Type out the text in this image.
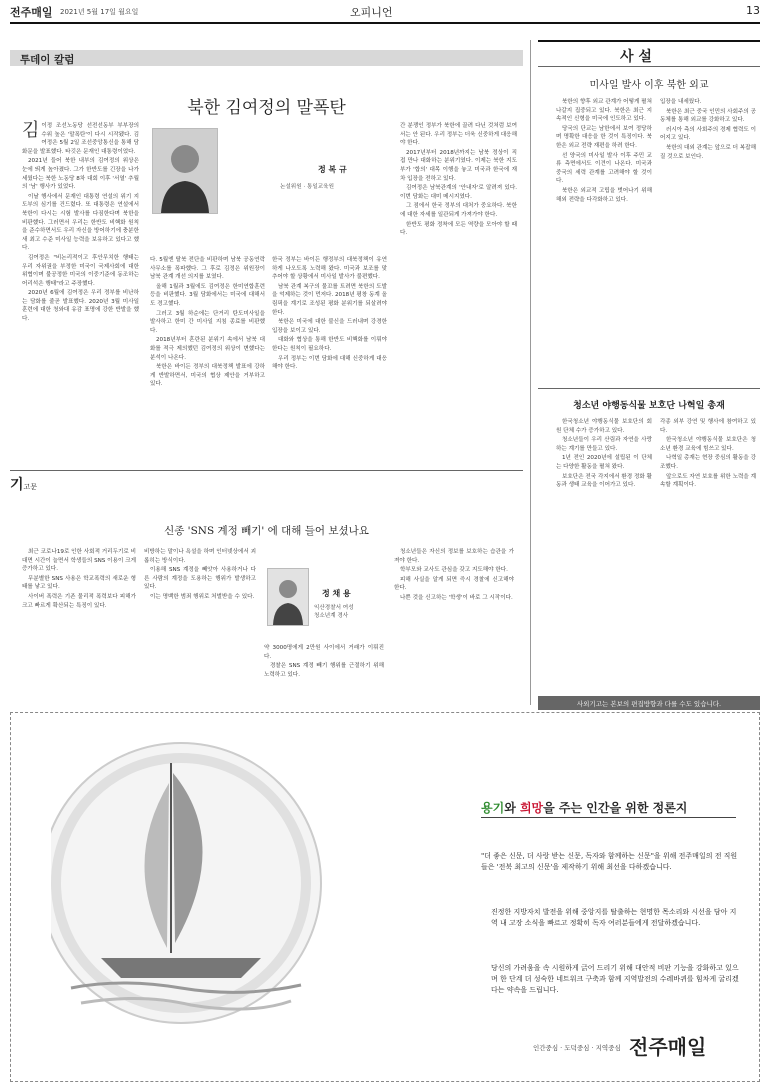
전주매일 2021년 5월 17일 월요일	오피니언	13
투데이 칼럼
북한 김여정의 말폭탄
김 이정 조선노동당 선전선동부 부부장의 수위 높은 '말폭탄'이 다시 시작됐다. 김여정은 5월 2일 조선중앙통신을 통해 담화문을 발표했다. 타깃은 문재인 대통령이었다.

2021년 들어 북한 내부의 김여정의 위상은 눈에 띄게 높아졌다. 그가 한반도를 긴장을 나가 세웠다는 북한 노동당 8차 대회 이후 '서열' 추월의 '남' 행사가 있었다.

이날 행사에서 문재인 대통령 연설의 위기 지도부의 심기를 건드렸다. 또 대통령은 연설에서 북한이 다시는 시험 발사를 다짐한다며 북한을 비판했다. 그러면서 우리는 한반도 비핵화 원칙을 준수하면서도 우리 자신을 방어하기에 충분한 새 최고 수준 미사일 능력을 보유하고 있다고 했다.

김여정은 "비논리적이고 후안무치한 행태는 우리 자위권을 부정한 미국이 국제사회에 대한 위협이며 불공정한 미국의 이중기준에 동조하는 어리석은 행태"라고 주장했다.

2020년 6월에 김여정은 우리 정부를 비난하는 담화를 줄곧 발표했다. 2020년 3월 미사일 훈련에 대한 청와대 유감 표명에 강한 반발을 했다.

정 복 규
논설위원 · 통일교육원

다. 5월엔 탈북 전단을 비판하며 남북 공동연락사무소를 폭파했다. 그 후로 김정은 위원장이 남북 관계 개선 의지를 보였다.

올해 1월과 3월에도 김여정은 한미연합훈련 등을 비판했다. 3월 담화에서는 미국에 대해서도 경고했다.

그러고 3월 하순에는 단거리 탄도미사일을 발사하고 한미 간 미사일 지침 종료를 비판했다.

2018년부터 혼란된 분위기 속에서 남북 대화를 적극 제의했던 김여정의 위상이 변했다는 분석이 나온다.

북한은 바이든 정부의 대북정책 발표에 강하게 반발하면서, 미국의 협상 제안을 거부하고 있다.

한국 정부는 바이든 행정부의 대북정책이 유연하게 나오도록 노력해 왔다. 미국과 보조를 맞추어야 할 상황에서 미사일 발사가 불편했다.

남북 관계 복구의 물꼬를 트려면 북한의 도발을 억제하는 것이 먼저다. 2018년 평창 동계 올림픽을 계기로 조성된 평화 분위기를 되살려야 한다.

북한은 미국에 대한 불신을 드러내며 강경한 입장을 보이고 있다.

대화와 협상을 통해 한반도 비핵화를 이뤄야 한다는 원칙이 필요하다.

우리 정부는 이번 담화에 대해 신중하게 대응해야 한다.

간 분쟁인 정부가 북한에 끌려 다닌 것처럼 보여서는 안 된다. 우리 정부는 더욱 신중하게 대응해야 한다.

2017년부터 2018년까지는 남북 정상이 직접 만나 대화하는 분위기였다. 이제는 북한 지도부가 '합의' 대목 이행을 놓고 미국과 한국에 재차 입장을 전하고 있다.

김여정은 남북관계의 '안내자'로 알려져 있다. 이번 담화는 대미 메시지였다.

그 점에서 한국 정부의 대처가 중요하다. 북한에 대한 자세를 일관되게 가져가야 한다.

한반도 평화 정착에 모든 역량을 모아야 할 때다.

사 설
미사일 발사 이후 북한 외교

북한의 향후 외교 관계가 어떻게 펼쳐 나갈지 집중되고 있다. 북한은 최근 지속적인 신형을 미국에 인도하고 있다.

당국의 단교는 남한에서 보여 정당하며 명확한 대응을 한 것이 특징이다. 북한은 외교 전략 재편을 하려 한다.

선 양국의 미사일 발사 이후 주민 교류 측면에서도 이견이 나온다. 미국과 중국의 세력 관계를 고려해야 할 것이다.

북한은 외교적 고립을 벗어나기 위해 해외 전략을 다각화하고 있다.

입장을 내세웠다.

북한은 최근 중국 인민의 사회주의 공동체를 통해 외교를 강화하고 있다.

러시아 측의 사회주의 경제 협력도 이어지고 있다.

북한의 대외 관계는 앞으로 더 복잡해질 것으로 보인다.

청소년 야행동식물 보호단 나혁일 총재

한국청소년 야행동식물 보호단의 회원 단체 수가 증가하고 있다.

청소년들이 우리 산림과 자연을 사랑하는 계기를 만들고 있다.

1년 전인 2020년에 설립된 이 단체는 다양한 활동을 펼쳐 왔다.

보호단은 전국 각지에서 환경 정화 활동과 생태 교육을 이어가고 있다.

각종 외부 강연 및 행사에 참여하고 있다.

한국청소년 야행동식물 보호단은 청소년 환경 교육에 힘쓰고 있다.

나혁일 총재는 현장 중심의 활동을 강조했다.

앞으로도 자연 보호를 위한 노력을 계속할 계획이다.

사외기고는 본보의 편집방향과 다를 수도 있습니다.
기고문
신종 'SNS 계정 빼기' 에 대해 들어 보셨나요

최근 코로나19로 인한 사회적 거리두기로 비대면 시간이 늘면서 학생들의 SNS 이용이 크게 증가하고 있다.

무분별한 SNS 사용은 학교폭력의 새로운 형태를 낳고 있다.

사이버 폭력은 기존 물리적 폭력보다 피해가 크고 빠르게 확산되는 특징이 있다.

비방하는 말이나 욕설을 하며 인터넷상에서 괴롭히는 방식이다.

이용해 SNS 계정을 빼앗아 사용하거나 다른 사람의 계정을 도용하는 행위가 발생하고 있다.

이는 명백한 범죄 행위로 처벌받을 수 있다.	정 채 용
익산경찰서 여성
청소년계 경사

약 3000명에게 2만원 사이에서 거래가 이뤄진다.

경찰은 SNS 계정 빼기 행위를 근절하기 위해 노력하고 있다.

청소년들은 자신의 정보를 보호하는 습관을 가져야 한다.

학부모와 교사도 관심을 갖고 지도해야 한다.

피해 사실을 알게 되면 즉시 경찰에 신고해야 한다.

나쁜 것을 신고하는 '학생'이 바로 그 시작이다.

용기와 희망을 주는 인간을 위한 정론지
"더 좋은 신문, 더 사랑 받는 신문, 독자와 함께하는 신문"을 위해 전주매일의 전 직원들은 '전북 최고의 신문'을 제작하기 위해 최선을 다하겠습니다.
진정한 지방자치 발전을 위해 중앙지를 탈출하는 현명한 목소리와 시선을 담아 지역 내 고장 소식을 빠르고 정확히 독자 여러분들에게 전달하겠습니다.
당신의 가려움을 속 시원하게 긁어 드리기 위해 대안적 비판 기능을 강화하고 있으며 한 단계 더 성숙한 네트워크 구축과 함께 지역발전의 수레바퀴를 힘차게 굴리겠다는 약속을 드립니다.
인간중심 · 도덕중심 · 지역중심 전주매일
